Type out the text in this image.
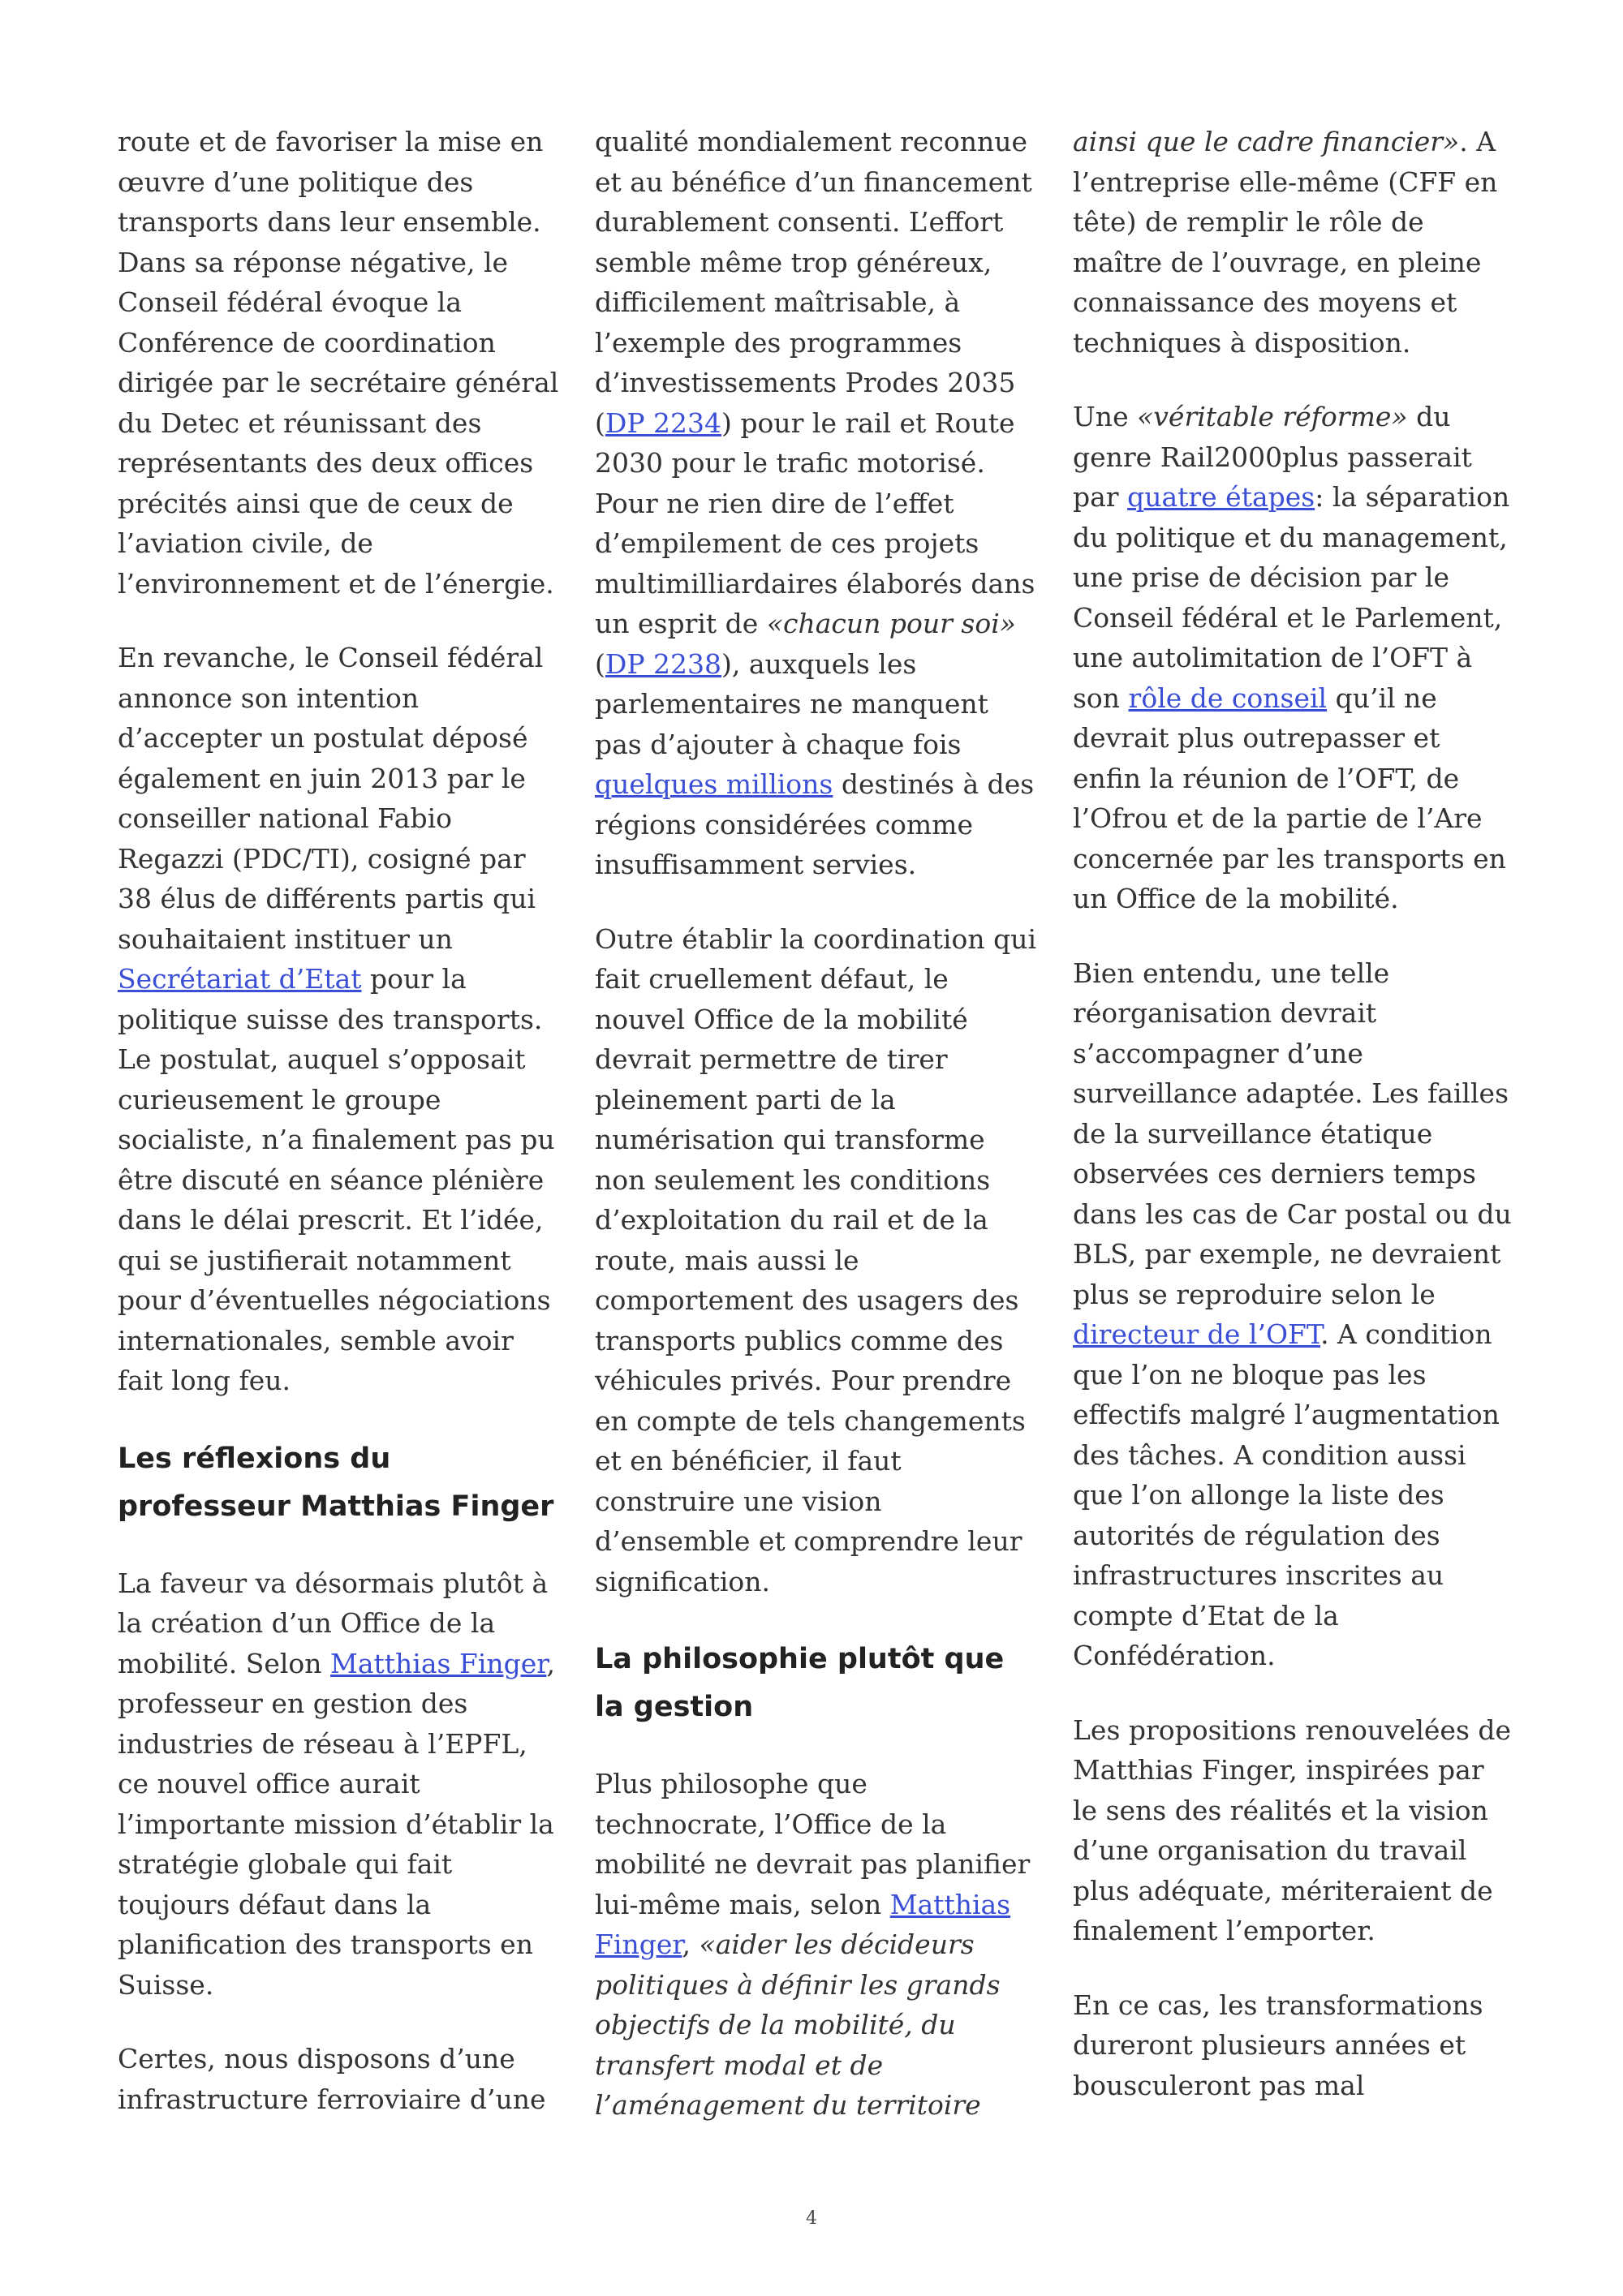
route et de favoriser la mise en œuvre d’une politique des transports dans leur ensemble. Dans sa réponse négative, le Conseil fédéral évoque la Conférence de coordination dirigée par le secrétaire général du Detec et réunissant des représentants des deux offices précités ainsi que de ceux de l’aviation civile, de l’environnement et de l’énergie.

En revanche, le Conseil fédéral annonce son intention d’accepter un postulat déposé également en juin 2013 par le conseiller national Fabio Regazzi (PDC/TI), cosigné par 38 élus de différents partis qui souhaitaient instituer un Secrétariat d’Etat pour la politique suisse des transports. Le postulat, auquel s’opposait curieusement le groupe socialiste, n’a finalement pas pu être discuté en séance plénière dans le délai prescrit. Et l’idée, qui se justifierait notamment pour d’éventuelles négociations internationales, semble avoir fait long feu.

Les réflexions du professeur Matthias Finger

La faveur va désormais plutôt à la création d’un Office de la mobilité. Selon Matthias Finger, professeur en gestion des industries de réseau à l’EPFL, ce nouvel office aurait l’importante mission d’établir la stratégie globale qui fait toujours défaut dans la planification des transports en Suisse.

Certes, nous disposons d’une infrastructure ferroviaire d’une

qualité mondialement reconnue et au bénéfice d’un financement durablement consenti. L’effort semble même trop généreux, difficilement maîtrisable, à l’exemple des programmes d’investissements Prodes 2035 (DP 2234) pour le rail et Route 2030 pour le trafic motorisé. Pour ne rien dire de l’effet d’empilement de ces projets multimilliardaires élaborés dans un esprit de «chacun pour soi» (DP 2238), auxquels les parlementaires ne manquent pas d’ajouter à chaque fois quelques millions destinés à des régions considérées comme insuffisamment servies.

Outre établir la coordination qui fait cruellement défaut, le nouvel Office de la mobilité devrait permettre de tirer pleinement parti de la numérisation qui transforme non seulement les conditions d’exploitation du rail et de la route, mais aussi le comportement des usagers des transports publics comme des véhicules privés. Pour prendre en compte de tels changements et en bénéficier, il faut construire une vision d’ensemble et comprendre leur signification.

La philosophie plutôt que la gestion

Plus philosophe que technocrate, l’Office de la mobilité ne devrait pas planifier lui-même mais, selon Matthias Finger, «aider les décideurs politiques à définir les grands objectifs de la mobilité, du transfert modal et de l’aménagement du territoire

ainsi que le cadre financier». A l’entreprise elle-même (CFF en tête) de remplir le rôle de maître de l’ouvrage, en pleine connaissance des moyens et techniques à disposition.

Une «véritable réforme» du genre Rail2000plus passerait par quatre étapes: la séparation du politique et du management, une prise de décision par le Conseil fédéral et le Parlement, une autolimitation de l’OFT à son rôle de conseil qu’il ne devrait plus outrepasser et enfin la réunion de l’OFT, de l’Ofrou et de la partie de l’Are concernée par les transports en un Office de la mobilité.

Bien entendu, une telle réorganisation devrait s’accompagner d’une surveillance adaptée. Les failles de la surveillance étatique observées ces derniers temps dans les cas de Car postal ou du BLS, par exemple, ne devraient plus se reproduire selon le directeur de l’OFT. A condition que l’on ne bloque pas les effectifs malgré l’augmentation des tâches. A condition aussi que l’on allonge la liste des autorités de régulation des infrastructures inscrites au compte d’Etat de la Confédération.

Les propositions renouvelées de Matthias Finger, inspirées par le sens des réalités et la vision d’une organisation du travail plus adéquate, mériteraient de finalement l’emporter.

En ce cas, les transformations dureront plusieurs années et bousculeront pas mal

4
